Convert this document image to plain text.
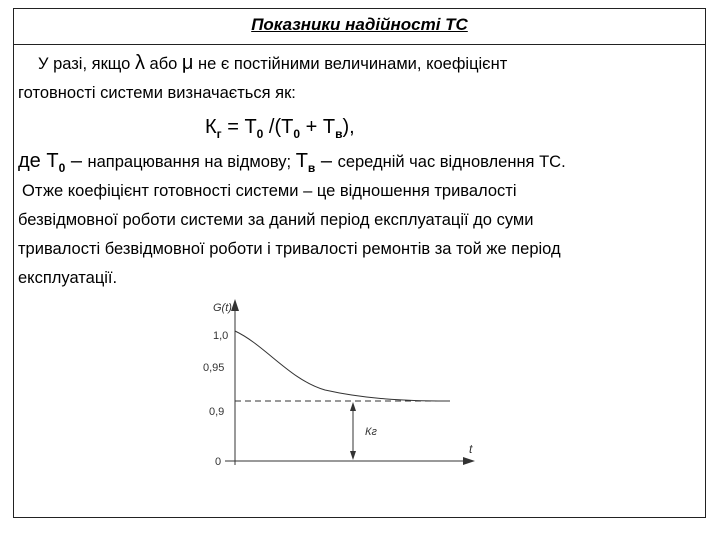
Показники надійності ТС
У разі, якщо λ або μ не є постійними величинами, коефіцієнт
готовності системи визначається як:
$К_г = Т_0$ $/(Т_0 + Т_в)$,
де $Т_0$ – напрацювання на відмову; $Т_в$ – середній час відновлення ТС.
Отже коефіцієнт готовності системи – це відношення тривалості
безвідмовної роботи системи за даний період експлуатації до суми
тривалості безвідмовної роботи і тривалості ремонтів за той же період
експлуатації.
G(t)
t
1,0
0,95
0,9
0
Кг
